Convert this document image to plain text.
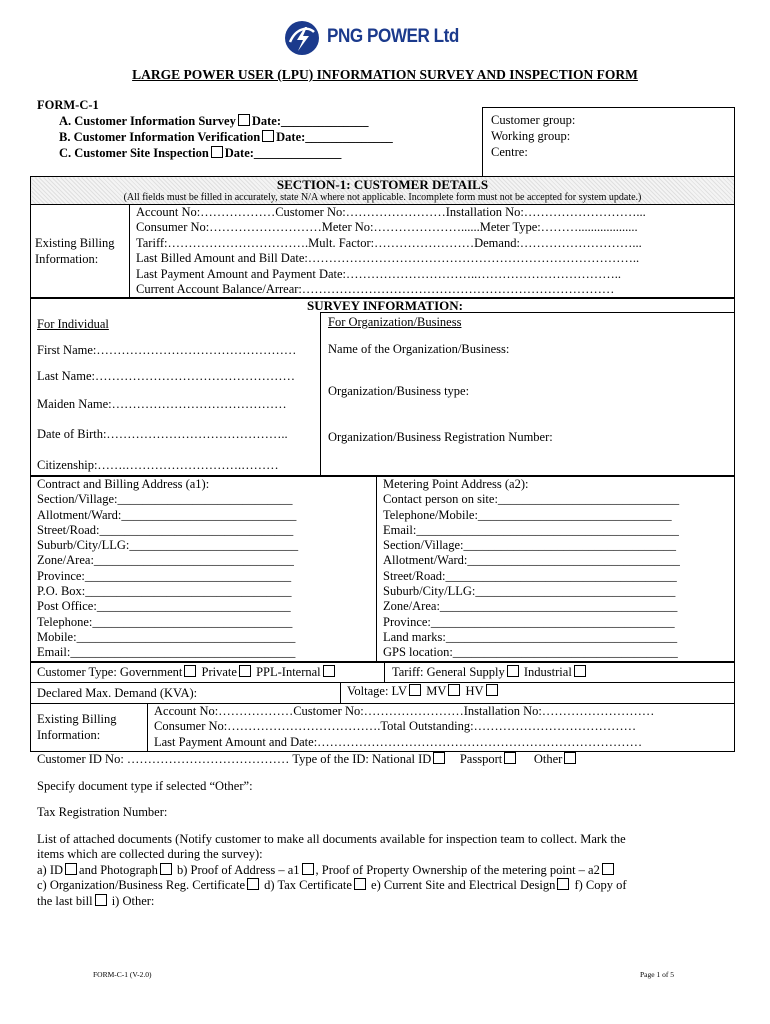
PNG POWER Ltd
LARGE POWER USER (LPU) INFORMATION SURVEY AND INSPECTION FORM
FORM-C-1
A. Customer Information Survey Date:______________
B. Customer Information Verification Date:______________
C. Customer Site Inspection Date:______________
Customer group:
Working group:
Centre:
SECTION-1: CUSTOMER DETAILS
(All fields must be filled in accurately, state N/A where not applicable. Incomplete form must not be accepted for system update.)

Existing Billing Information:	
Account No:………………Customer No:……………………Installation No:………………………...
Consumer No:………………………Meter No:…………………......Meter Type:………...................
Tariff:…………………………….Mult. Factor:……………………Demand:………………………...
Last Billed Amount and Bill Date:……………………………………………………………………..
Last Payment Amount and Payment Date:…………………………..……………………………..
Current Account Balance/Arrear:…………………………………………………………………
SURVEY INFORMATION:
For Individual	For Organization/Business
First Name:…………………………………………
Last Name:…………………………………………
Maiden Name:……………………………………
Date of Birth:……………………………………..
Citizenship:…….……………………….………
Name of the Organization/Business:
Organization/Business type:
Organization/Business Registration Number:
Contract and Billing Address (a1):
Section/Village:____________________________
Allotment/Ward:____________________________
Street/Road:_______________________________
Suburb/City/LLG:___________________________
Zone/Area:________________________________
Province:_________________________________
P.O. Box:_________________________________
Post Office:_______________________________
Telephone:________________________________
Mobile:___________________________________
Email:____________________________________
Metering Point Address (a2):
Contact person on site:_____________________________
Telephone/Mobile:_______________________________
Email:__________________________________________
Section/Village:__________________________________
Allotment/Ward:__________________________________
Street/Road:_____________________________________
Suburb/City/LLG:________________________________
Zone/Area:______________________________________
Province:_______________________________________
Land marks:_____________________________________
GPS location:____________________________________
Customer Type: Government Private PPL-Internal	Tariff: General Supply Industrial
Declared Max. Demand (KVA):	Voltage: LV MV HV
Existing Billing Information:
Account No:………………Customer No:……………………Installation No:………………………
Consumer No:……………………………….Total Outstanding:…………………………………
Last Payment Amount and Date:……………………………………………………………………
Customer ID No: ………………………………… Type of the ID: National ID Passport	Other
Specify document type if selected “Other”:
Tax Registration Number:
List of attached documents (Notify customer to make all documents available for inspection team to collect. Mark the
items which are collected during the survey):
a) ID and Photograph b) Proof of Address – a1 , Proof of Property Ownership of the metering point – a2
c) Organization/Business Reg. Certificate d) Tax Certificate e) Current Site and Electrical Design f) Copy of
the last bill i) Other:
FORM-C-1 (V-2.0)	Page 1 of 5
